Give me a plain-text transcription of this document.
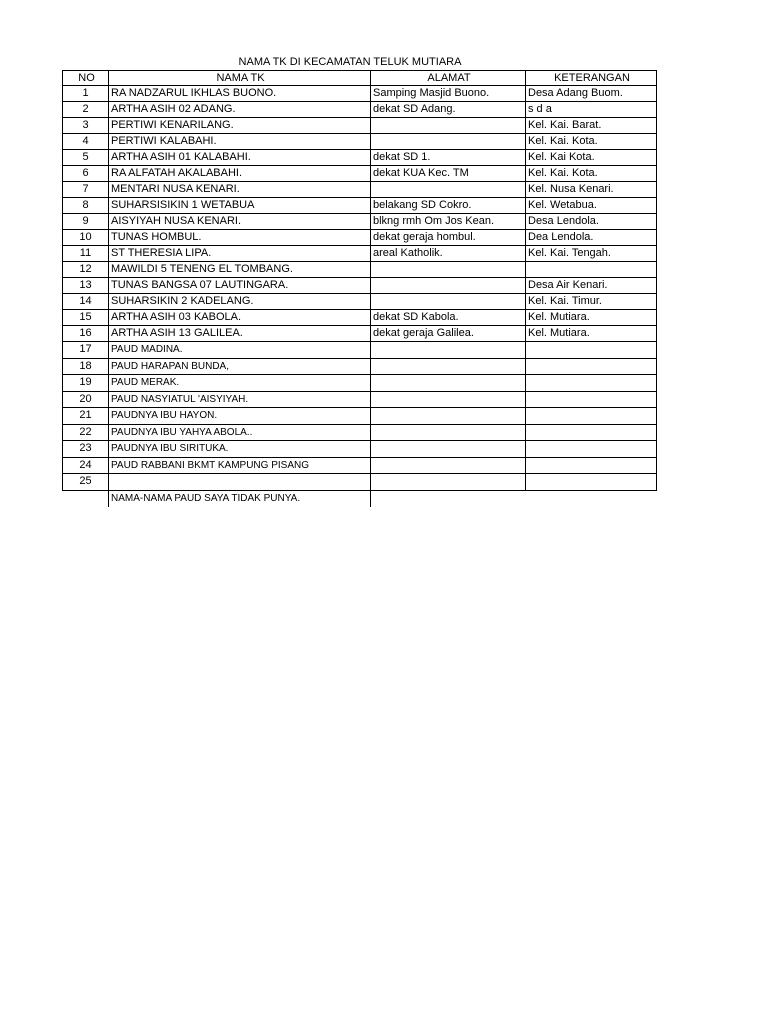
NAMA TK DI KECAMATAN TELUK MUTIARA
NO	NAMA TK	ALAMAT	KETERANGAN
1	RA NADZARUL IKHLAS BUONO.	Samping Masjid Buono.	Desa Adang Buom.
2	ARTHA ASIH 02 ADANG.	dekat SD Adang.	s d a
3	PERTIWI KENARILANG.		Kel. Kai. Barat.
4	PERTIWI KALABAHI.		Kel. Kai. Kota.
5	ARTHA ASIH 01 KALABAHI.	dekat SD 1.	Kel. Kai Kota.
6	RA ALFATAH AKALABAHI.	dekat KUA Kec. TM	Kel. Kai. Kota.
7	MENTARI NUSA KENARI.		Kel. Nusa Kenari.
8	SUHARSISIKIN 1 WETABUA	belakang SD Cokro.	Kel. Wetabua.
9	AISYIYAH NUSA KENARI.	blkng rmh Om Jos Kean.	Desa Lendola.
10	TUNAS HOMBUL.	dekat geraja hombul.	Dea Lendola.
11	ST THERESIA LIPA.	areal Katholik.	Kel. Kai. Tengah.
12	MAWILDI 5 TENENG EL TOMBANG.		
13	TUNAS BANGSA 07 LAUTINGARA.		Desa Air Kenari.
14	SUHARSIKIN 2 KADELANG.		Kel. Kai. Timur.
15	ARTHA ASIH 03 KABOLA.	dekat SD Kabola.	Kel. Mutiara.
16	ARTHA ASIH 13 GALILEA.	dekat geraja Galilea.	Kel. Mutiara.
17	PAUD MADINA.		
18	PAUD HARAPAN BUNDA,		
19	PAUD MERAK.		
20	PAUD NASYIATUL 'AISYIYAH.		
21	PAUDNYA IBU HAYON.		
22	PAUDNYA IBU YAHYA ABOLA..		
23	PAUDNYA IBU SIRITUKA.		
24	PAUD RABBANI BKMT KAMPUNG PISANG		
25			
	NAMA-NAMA PAUD SAYA TIDAK PUNYA.		
